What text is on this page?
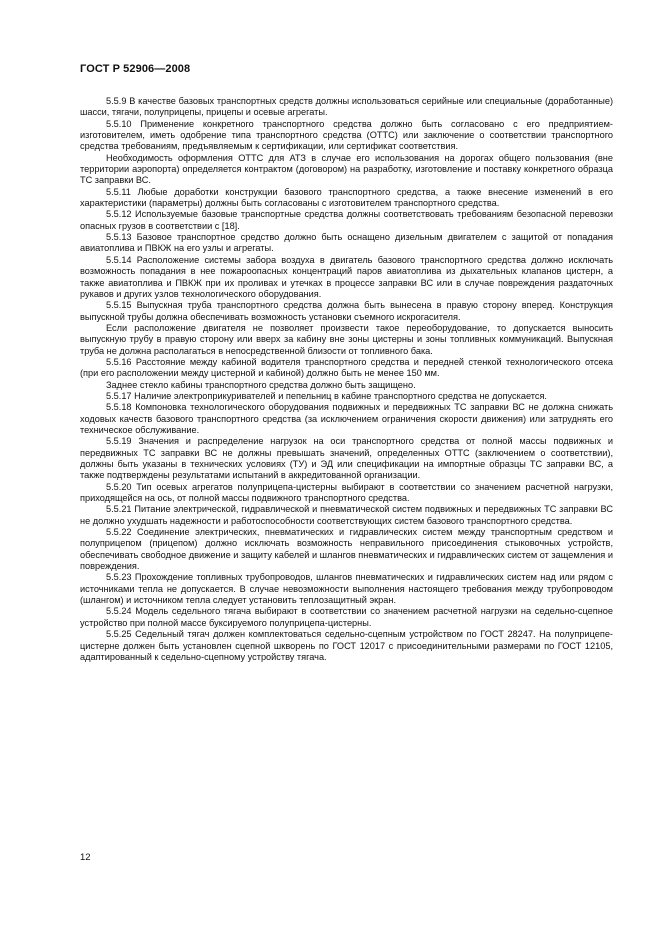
ГОСТ Р 52906—2008

5.5.9 В качестве базовых транспортных средств должны использоваться серийные или специальные (доработанные) шасси, тягачи, полуприцепы, прицепы и осевые агрегаты.

5.5.10 Применение конкретного транспортного средства должно быть согласовано с его предприятием-изготовителем, иметь одобрение типа транспортного средства (ОТТС) или заключение о соответствии транспортного средства требованиям, предъявляемым к сертификации, или сертификат соответствия.

Необходимость оформления ОТТС для АТЗ в случае его использования на дорогах общего пользования (вне территории аэропорта) определяется контрактом (договором) на разработку, изготовление и поставку конкретного образца ТС заправки ВС.

5.5.11 Любые доработки конструкции базового транспортного средства, а также внесение изменений в его характеристики (параметры) должны быть согласованы с изготовителем транспортного средства.

5.5.12 Используемые базовые транспортные средства должны соответствовать требованиям безопасной перевозки опасных грузов в соответствии с [18].

5.5.13 Базовое транспортное средство должно быть оснащено дизельным двигателем с защитой от попадания авиатоплива и ПВКЖ на его узлы и агрегаты.

5.5.14 Расположение системы забора воздуха в двигатель базового транспортного средства должно исключать возможность попадания в нее пожароопасных концентраций паров авиатоплива из дыхательных клапанов цистерн, а также авиатоплива и ПВКЖ при их проливах и утечках в процессе заправки ВС или в случае повреждения раздаточных рукавов и других узлов технологического оборудования.

5.5.15 Выпускная труба транспортного средства должна быть вынесена в правую сторону вперед. Конструкция выпускной трубы должна обеспечивать возможность установки съемного искрогасителя.

Если расположение двигателя не позволяет произвести такое переоборудование, то допускается выносить выпускную трубу в правую сторону или вверх за кабину вне зоны цистерны и зоны топливных коммуникаций. Выпускная труба не должна располагаться в непосредственной близости от топливного бака.

5.5.16 Расстояние между кабиной водителя транспортного средства и передней стенкой технологического отсека (при его расположении между цистерной и кабиной) должно быть не менее 150 мм.

Заднее стекло кабины транспортного средства должно быть защищено.

5.5.17 Наличие электроприкуривателей и пепельниц в кабине транспортного средства не допускается.

5.5.18 Компоновка технологического оборудования подвижных и передвижных ТС заправки ВС не должна снижать ходовых качеств базового транспортного средства (за исключением ограничения скорости движения) или затруднять его техническое обслуживание.

5.5.19 Значения и распределение нагрузок на оси транспортного средства от полной массы подвижных и передвижных ТС заправки ВС не должны превышать значений, определенных ОТТС (заключением о соответствии), должны быть указаны в технических условиях (ТУ) и ЭД или спецификации на импортные образцы ТС заправки ВС, а также подтверждены результатами испытаний в аккредитованной организации.

5.5.20 Тип осевых агрегатов полуприцепа-цистерны выбирают в соответствии со значением расчетной нагрузки, приходящейся на ось, от полной массы подвижного транспортного средства.

5.5.21 Питание электрической, гидравлической и пневматической систем подвижных и передвижных ТС заправки ВС не должно ухудшать надежности и работоспособности соответствующих систем базового транспортного средства.

5.5.22 Соединение электрических, пневматических и гидравлических систем между транспортным средством и полуприцепом (прицепом) должно исключать возможность неправильного присоединения стыковочных устройств, обеспечивать свободное движение и защиту кабелей и шлангов пневматических и гидравлических систем от защемления и повреждения.

5.5.23 Прохождение топливных трубопроводов, шлангов пневматических и гидравлических систем над или рядом с источниками тепла не допускается. В случае невозможности выполнения настоящего требования между трубопроводом (шлангом) и источником тепла следует установить теплозащитный экран.

5.5.24 Модель седельного тягача выбирают в соответствии со значением расчетной нагрузки на седельно-сцепное устройство при полной массе буксируемого полуприцепа-цистерны.

5.5.25 Седельный тягач должен комплектоваться седельно-сцепным устройством по ГОСТ 28247. На полуприцепе-цистерне должен быть установлен сцепной шкворень по ГОСТ 12017 с присоединительными размерами по ГОСТ 12105, адаптированный к седельно-сцепному устройству тягача.

12
